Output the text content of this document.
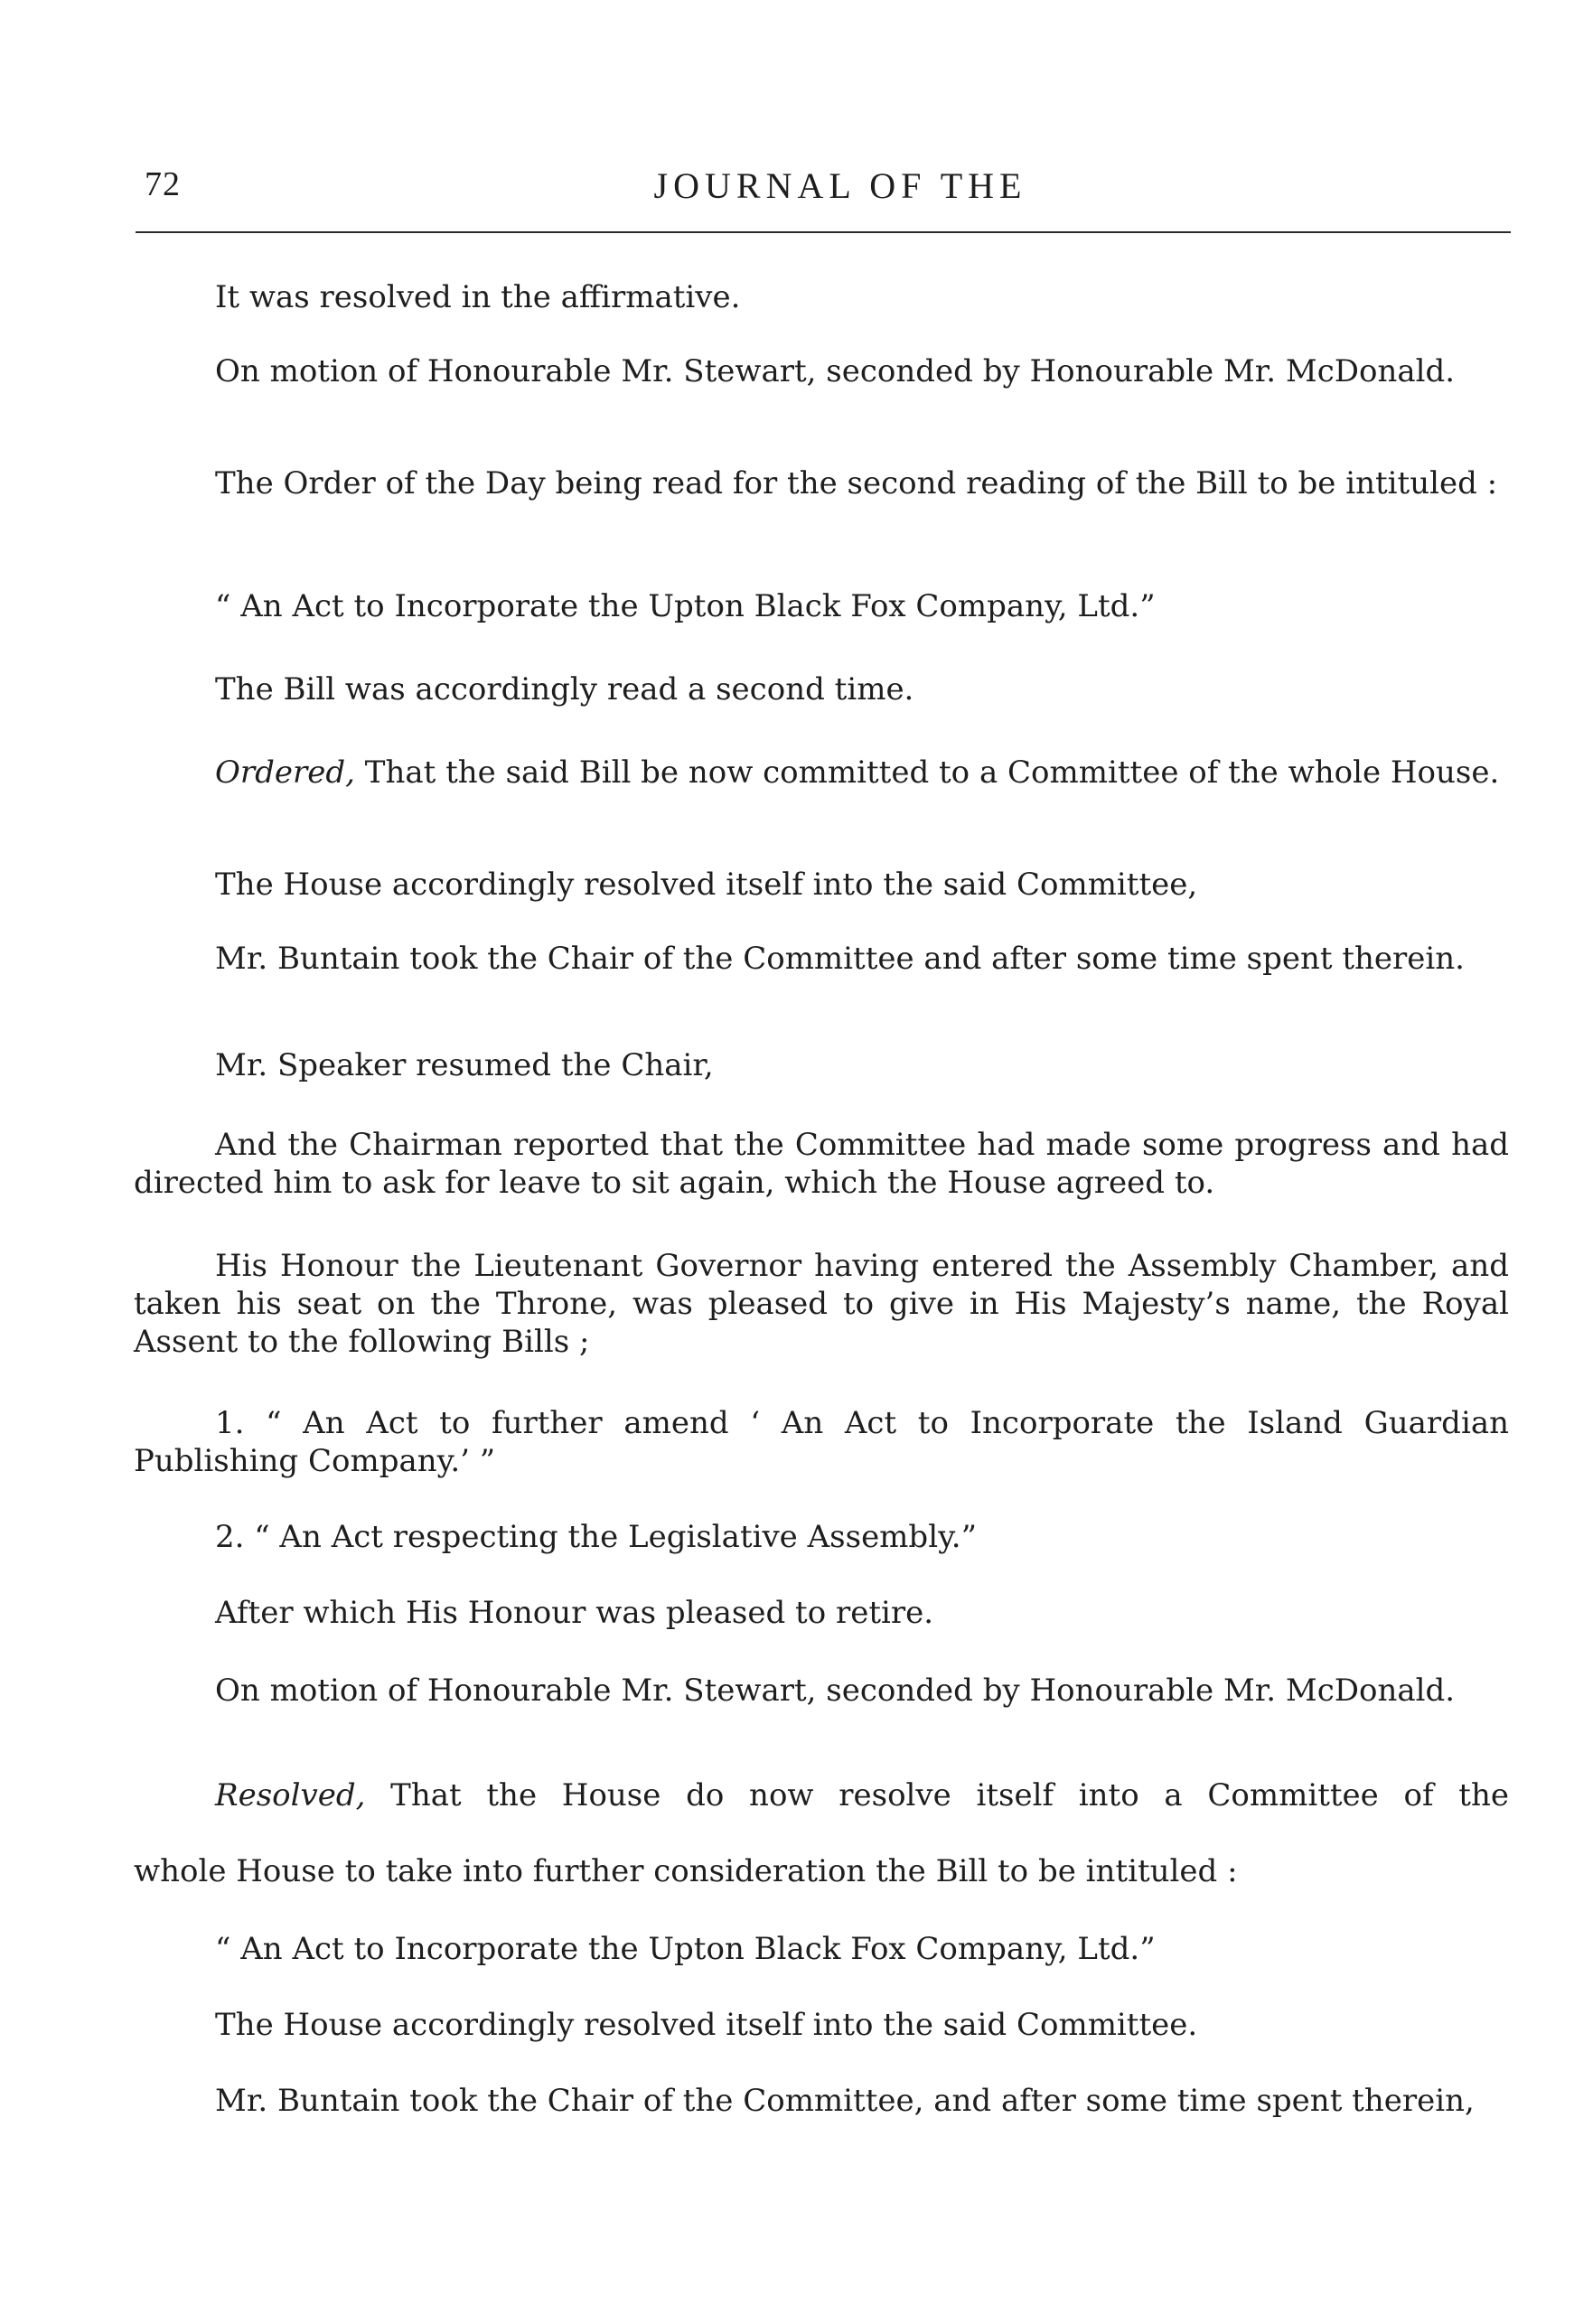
72	JOURNAL OF THE

It was resolved in the affirmative.

On motion of Honourable Mr. Stewart, seconded by Honourable Mr. McDonald.

The Order of the Day being read for the second reading of the Bill to be intituled :

“ An Act to Incorporate the Upton Black Fox Company, Ltd.”

The Bill was accordingly read a second time.

Ordered, That the said Bill be now committed to a Committee of the whole House.

The House accordingly resolved itself into the said Committee,

Mr. Buntain took the Chair of the Committee and after some time spent therein.

Mr. Speaker resumed the Chair,

And the Chairman reported that the Committee had made some progress and had directed him to ask for leave to sit again, which the House agreed to.

His Honour the Lieutenant Governor having entered the Assembly Chamber, and taken his seat on the Throne, was pleased to give in His Majesty’s name, the Royal Assent to the following Bills ;

1. “ An Act to further amend ‘ An Act to Incorporate the Island Guardian Publishing Company.’ ”

2. “ An Act respecting the Legislative Assembly.”

After which His Honour was pleased to retire.

On motion of Honourable Mr. Stewart, seconded by Honourable Mr. McDonald.

Resolved, That the House do now resolve itself into a Committee of the

whole House to take into further consideration the Bill to be intituled :

“ An Act to Incorporate the Upton Black Fox Company, Ltd.”

The House accordingly resolved itself into the said Committee.

Mr. Buntain took the Chair of the Committee, and after some time spent therein,
